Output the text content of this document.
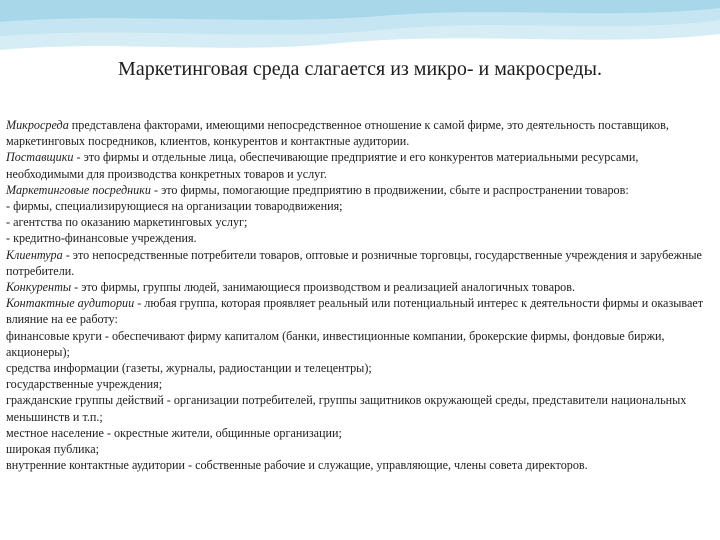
Маркетинговая среда слагается из микро- и макросреды.

Микросреда представлена факторами, имеющими непосредственное отношение к самой фирме, это деятельность поставщиков, маркетинговых посредников, клиентов, конкурентов и контактные аудитории.

Поставщики - это фирмы и отдельные лица, обеспечивающие предприятие и его конкурентов материальными ресурсами, необходимыми для производства конкретных товаров и услуг.

Маркетинговые посредники - это фирмы, помогающие предприятию в продвижении, сбыте и распространении товаров:

- фирмы, специализирующиеся на организации товародвижения;

- агентства по оказанию маркетинговых услуг;

- кредитно-финансовые учреждения.

Клиентура - это непосредственные потребители товаров, оптовые и розничные торговцы, государственные учреждения и зарубежные потребители.

Конкуренты - это фирмы, группы людей, занимающиеся производством и реализацией аналогичных товаров.

Контактные аудитории - любая группа, которая проявляет реальный или потенциальный интерес к деятельности фирмы и оказывает влияние на ее работу:

финансовые круги - обеспечивают фирму капиталом (банки, инвестиционные компании, брокерские фирмы, фондовые биржи, акционеры);

средства информации (газеты, журналы, радиостанции и телецентры);

государственные учреждения;

гражданские группы действий - организации потребителей, группы защитников окружающей среды, представители национальных меньшинств и т.п.;

местное население - окрестные жители, общинные организации;

широкая публика;

внутренние контактные аудитории - собственные рабочие и служащие, управляющие, члены совета директоров.
